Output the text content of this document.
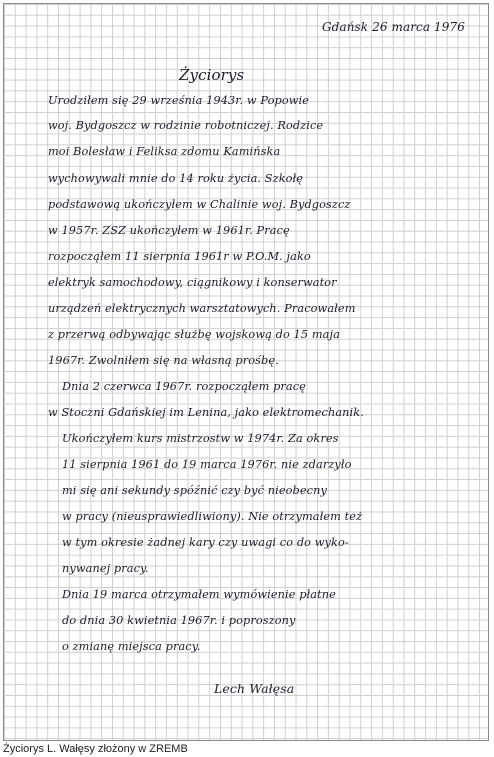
Gdańsk 26 marca 1976
Życiorys
Urodziłem się 29 września 1943r. w Popowie
woj. Bydgoszcz w rodzinie robotniczej. Rodzice
moi Bolesław i Feliksa zdomu Kamińska
wychowywali mnie do 14 roku życia. Szkołę
podstawową ukończyłem w Chalinie woj. Bydgoszcz
w 1957r. ZSZ ukończyłem w 1961r. Pracę
rozpocząłem 11 sierpnia 1961r w P.O.M. jako
elektryk samochodowy, ciągnikowy i konserwator
urządzeń elektrycznych warsztatowych. Pracowałem
z przerwą odbywając służbę wojskową do 15 maja
1967r. Zwolniłem się na własną prośbę.
Dnia 2 czerwca 1967r. rozpocząłem pracę
w Stoczni Gdańskiej im Lenina, jako elektromechanik.
Ukończyłem kurs mistrzostw w 1974r. Za okres
11 sierpnia 1961 do 19 marca 1976r. nie zdarzyło
mi się ani sekundy spóźnić czy być nieobecny
w pracy (nieusprawiedliwiony). Nie otrzymałem też
w tym okresie żadnej kary czy uwagi co do wyko-
nywanej pracy.
Dnia 19 marca otrzymałem wymówienie płatne
do dnia 30 kwietnia 1967r. i poproszony
o zmianę miejsca pracy.
Lech Wałęsa
Życiorys L. Wałęsy złożony w ZREMB
